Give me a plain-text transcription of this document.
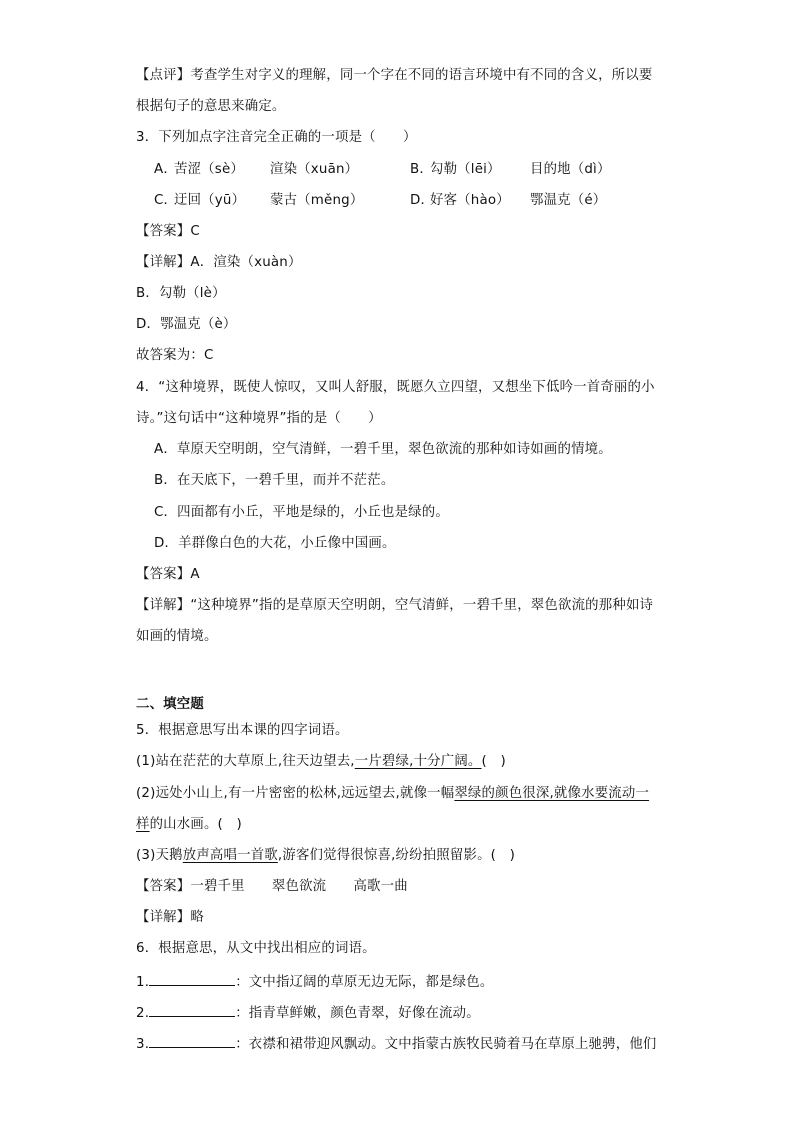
【点评】考查学生对字义的理解，同一个字在不同的语言环境中有不同的含义，所以要
根据句子的意思来确定。
3．下列加点字注音完全正确的一项是（　　）
A．苦涩（sè） 渲染（xuān）	B．勾勒（lēi） 目的地（dì）
C．迂回（yū） 蒙古（měng）	D．好客（hào） 鄂温克（é）
【答案】C
【详解】A．渲染（xuàn）
B．勾勒（lè）
D．鄂温克（è）
故答案为：C
4．“这种境界，既使人惊叹，又叫人舒服，既愿久立四望，又想坐下低吟一首奇丽的小
诗。”这句话中“这种境界”指的是（　　）
A．草原天空明朗，空气清鲜，一碧千里，翠色欲流的那种如诗如画的情境。
B．在天底下，一碧千里，而并不茫茫。
C．四面都有小丘，平地是绿的，小丘也是绿的。
D．羊群像白色的大花，小丘像中国画。
【答案】A
【详解】“这种境界”指的是草原天空明朗，空气清鲜，一碧千里，翠色欲流的那种如诗
如画的情境。
二、填空题
5．根据意思写出本课的四字词语。
(1)站在茫茫的大草原上,往天边望去,一片碧绿,十分广阔。(　)
(2)远处小山上,有一片密密的松林,远远望去,就像一幅翠绿的颜色很深,就像水要流动一
样的山水画。(　)
(3)天鹅放声高唱一首歌,游客们觉得很惊喜,纷纷拍照留影。(　)
【答案】一碧千里　　翠色欲流　　高歌一曲
【详解】略
6．根据意思，从文中找出相应的词语。
1.	：文中指辽阔的草原无边无际，都是绿色。
2.	：指青草鲜嫩，颜色青翠，好像在流动。
3.	：衣襟和裙带迎风飘动。文中指蒙古族牧民骑着马在草原上驰骋，他们
